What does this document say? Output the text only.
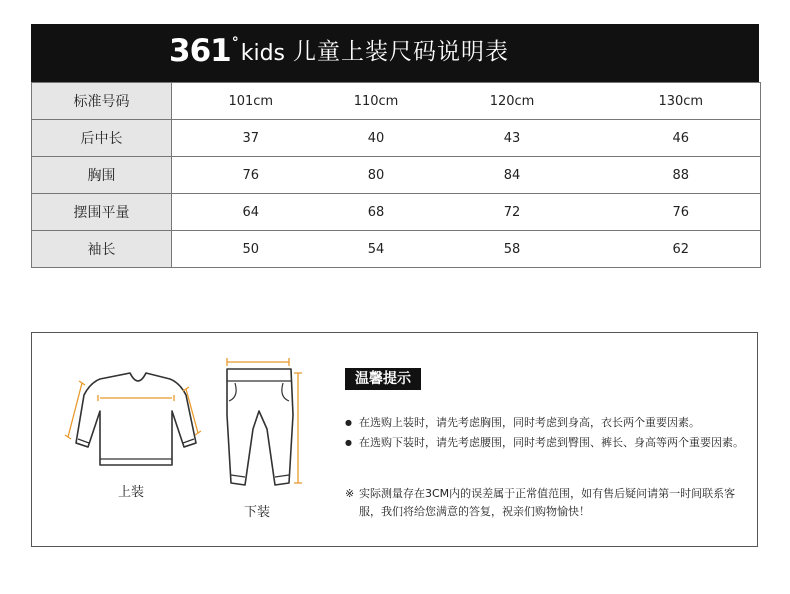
361 ° kids 儿童上装尺码说明表
标准号码	101cm	110cm	120cm	130cm
后中长	37	40	43	46
胸围	76	80	84	88
摆围平量	64	68	72	76
袖长	50	54	58	62
上装
下装
温馨提示
● 在选购上装时，请先考虑胸围，同时考虑到身高，衣长两个重要因素。
● 在选购下装时，请先考虑腰围，同时考虑到臀围、裤长、身高等两个重要因素。
※ 实际测量存在3CM内的误差属于正常值范围，如有售后疑问请第一时间联系客服，我们将给您满意的答复，祝亲们购物愉快！
